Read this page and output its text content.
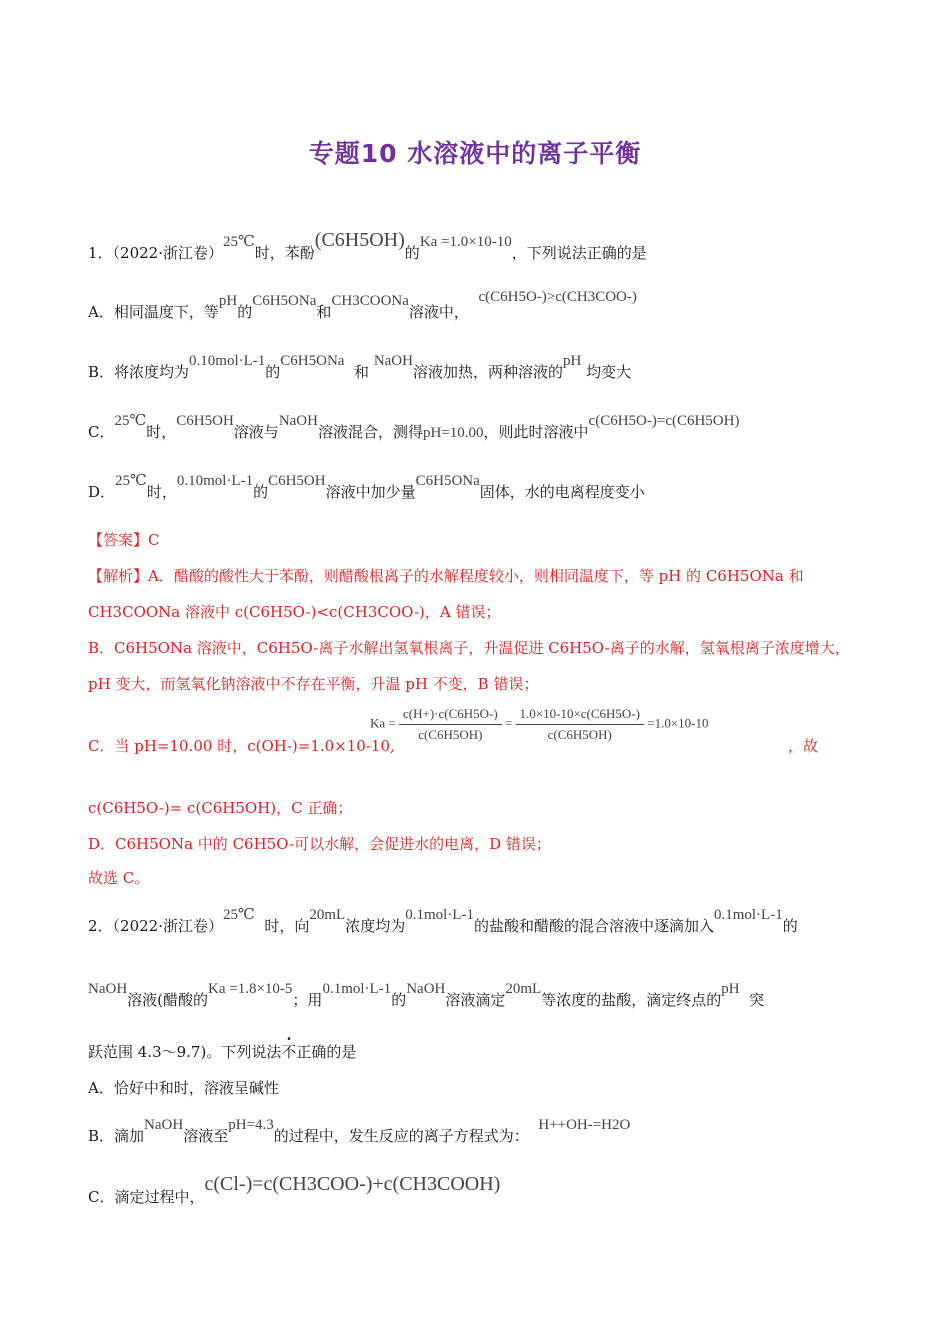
专题10 水溶液中的离子平衡
1．（2022·浙江卷）25℃时，苯酚(C6H5OH)的Ka =1.0×10-10，下列说法正确的是
A．相同温度下，等pH的C6H5ONa和CH3COONa溶液中，  c(C6H5O-)>c(CH3COO-)
B．将浓度均为0.10mol·L-1的C6H5ONa  和 NaOH溶液加热，两种溶液的pH 均变大
C．25℃时，C6H5OH溶液与NaOH溶液混合，测得pH=10.00，则此时溶液中c(C6H5O-)=c(C6H5OH)
D．25℃时，0.10mol·L-1的C6H5OH溶液中加少量C6H5ONa固体，水的电离程度变小
【答案】C
【解析】A．醋酸的酸性大于苯酚，则醋酸根离子的水解程度较小，则相同温度下，等 pH 的 C6H5ONa 和
CH3COONa 溶液中 c(C6H5O-)<c(CH3COO-)，A 错误；
B．C6H5ONa 溶液中，C6H5O-离子水解出氢氧根离子，升温促进 C6H5O-离子的水解，氢氧根离子浓度增大，
pH 变大，而氢氧化钠溶液中不存在平衡，升温 pH 不变，B 错误；
C．当 pH=10.00 时，c(OH-)=1.0×10-10,
$Ka = \frac{c(H+)\cdot c(C6H5O-)}{c(C6H5OH)} = \frac{1.0\times 10-10\times c(C6H5O-)}{c(C6H5OH)} =1.0\times 10-10$
，故
c(C6H5O-)= c(C6H5OH)，C 正确；
D．C6H5ONa 中的 C6H5O-可以水解，会促进水的电离，D 错误；
故选 C。
2．（2022·浙江卷）25℃  时，向20mL浓度均为0.1mol·L-1的盐酸和醋酸的混合溶液中逐滴加入0.1mol·L-1的
NaOH溶液(醋酸的Ka =1.8×10-5；用0.1mol·L-1的NaOH溶液滴定20mL等浓度的盐酸，滴定终点的pH  突
跃范围 4.3～9.7)。下列说法不正确的是
A．恰好中和时，溶液呈碱性
B．滴加NaOH溶液至pH=4.3的过程中，发生反应的离子方程式为：  H++OH-=H2O
C．滴定过程中，c(Cl-)=c(CH3COO-)+c(CH3COOH)
